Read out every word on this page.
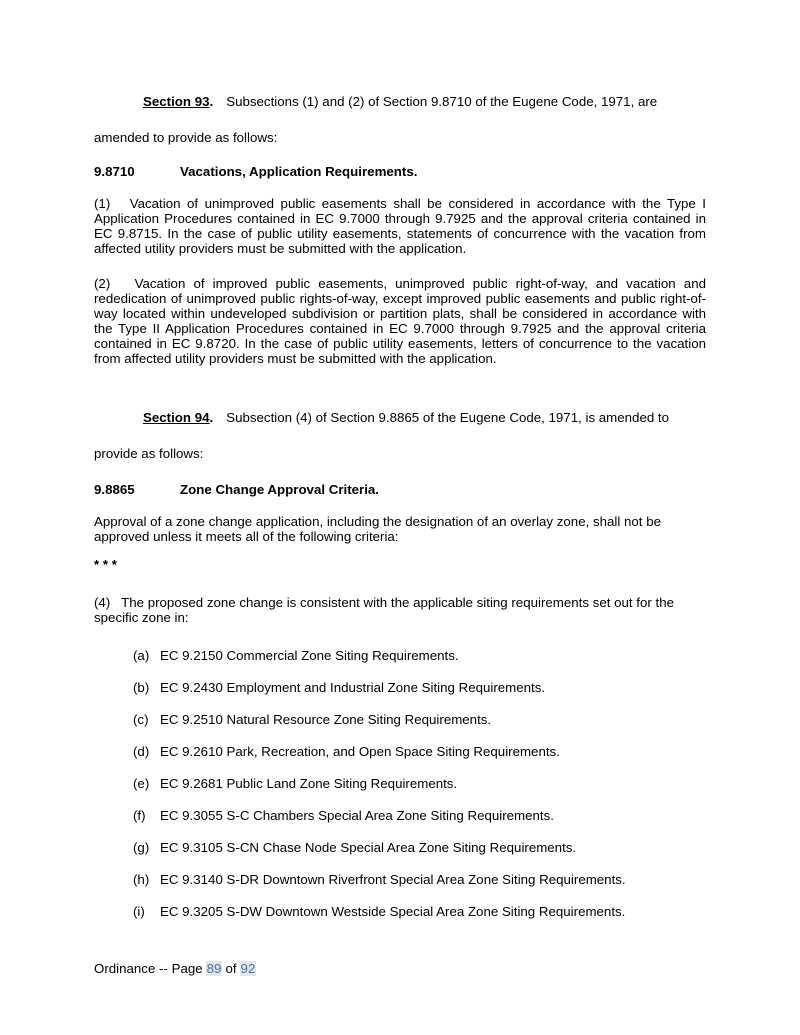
Section 93. Subsections (1) and (2) of Section 9.8710 of the Eugene Code, 1971, are amended to provide as follows:

9.8710	Vacations, Application Requirements.

(1)   Vacation of unimproved public easements shall be considered in accordance with the Type I Application Procedures contained in EC 9.7000 through 9.7925 and the approval criteria contained in EC 9.8715. In the case of public utility easements, statements of concurrence with the vacation from affected utility providers must be submitted with the application.

(2)   Vacation of improved public easements, unimproved public right-of-way, and vacation and rededication of unimproved public rights-of-way, except improved public easements and public right-of-way located within undeveloped subdivision or partition plats, shall be considered in accordance with the Type II Application Procedures contained in EC 9.7000 through 9.7925 and the approval criteria contained in EC 9.8720. In the case of public utility easements, letters of concurrence to the vacation from affected utility providers must be submitted with the application.

Section 94. Subsection (4) of Section 9.8865 of the Eugene Code, 1971, is amended to provide as follows:

9.8865	Zone Change Approval Criteria.

Approval of a zone change application, including the designation of an overlay zone, shall not be approved unless it meets all of the following criteria:

* * *

(4)   The proposed zone change is consistent with the applicable siting requirements set out for the specific zone in:

(a) EC 9.2150 Commercial Zone Siting Requirements.
(b) EC 9.2430 Employment and Industrial Zone Siting Requirements.
(c) EC 9.2510 Natural Resource Zone Siting Requirements.
(d) EC 9.2610 Park, Recreation, and Open Space Siting Requirements.
(e) EC 9.2681 Public Land Zone Siting Requirements.
(f)	EC 9.3055 S-C Chambers Special Area Zone Siting Requirements.
(g) EC 9.3105 S-CN Chase Node Special Area Zone Siting Requirements.
(h) EC 9.3140 S-DR Downtown Riverfront Special Area Zone Siting Requirements.
(i)	EC 9.3205 S-DW Downtown Westside Special Area Zone Siting Requirements.
Ordinance -- Page 89 of 92
